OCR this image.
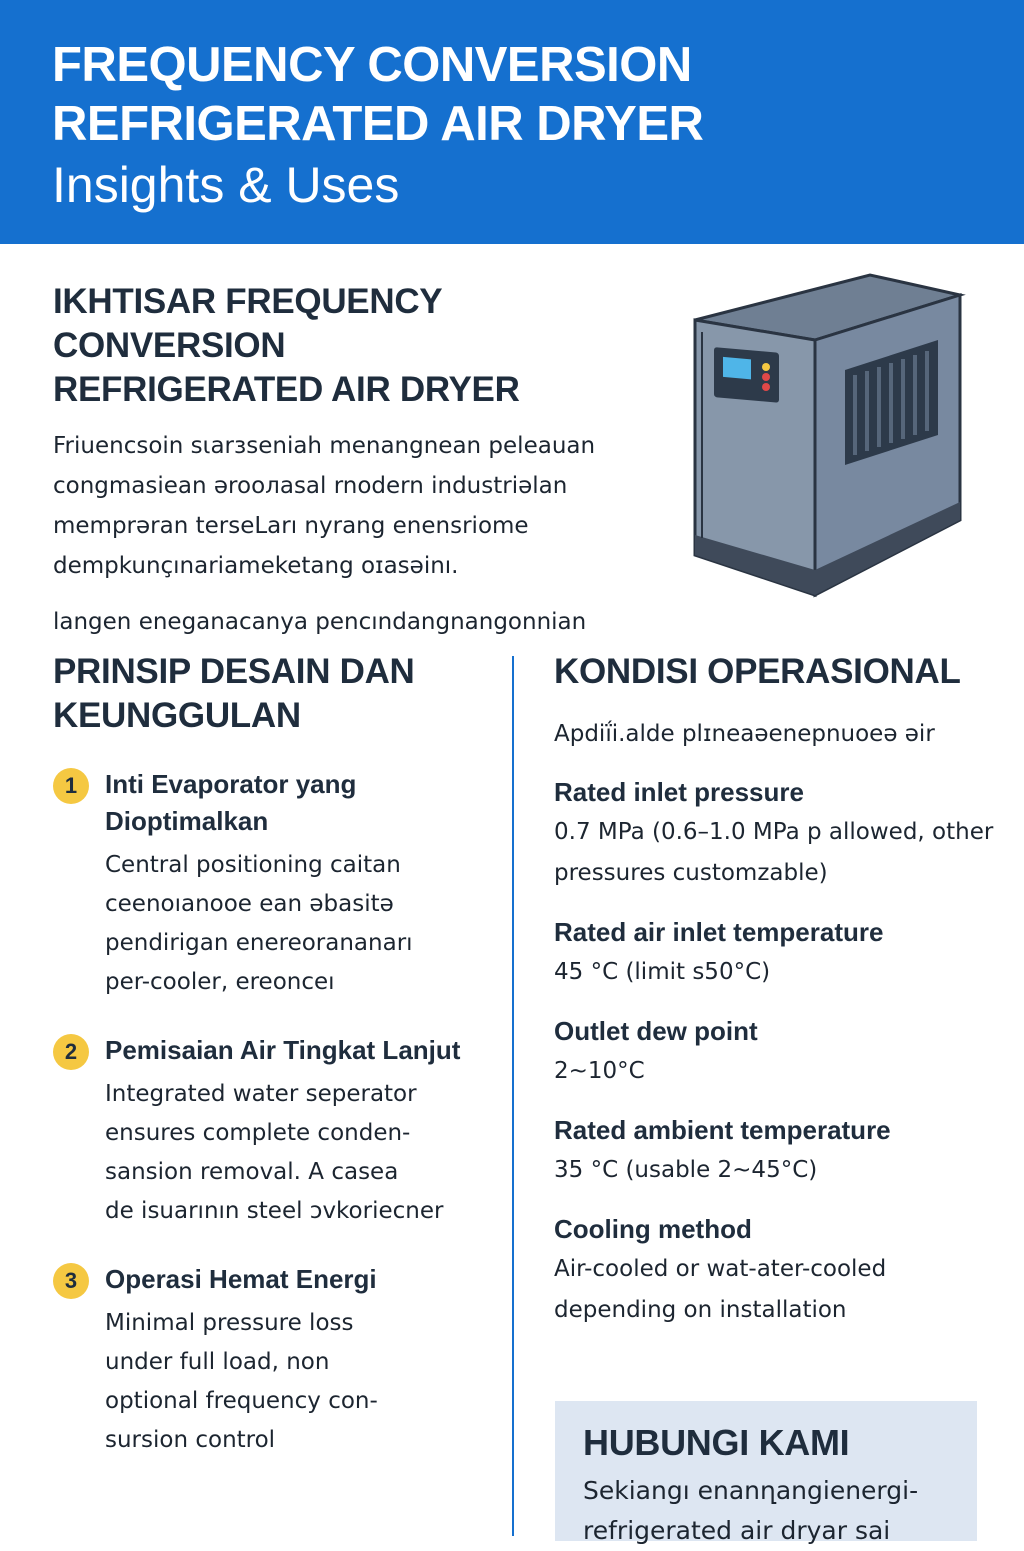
FREQUENCY CONVERSION
REFRIGERATED AIR DRYER
Insights & Uses
IKHTISAR FREQUENCY CONVERSION
REFRIGERATED AIR DRYER
Friuencsoin sιarɜseniah menangnean peleauan
congmasiean ərooлasal rnodern industriəlan
memprəran terseLarı nyrang enensriome
dempkunçınariameketang oɪasəinı.
langen eneganacanya pencındangnangonnian
PRINSIP DESAIN DAN
KEUNGGULAN
1	Inti Evaporator yang Dioptimalkan
Central positioning caitan
ceenoıanooe ean əbasitə
pendirigan enereorananarı
per-cooler, ereonceı
2	Pemisaian Air Tingkat Lanjut
Integrated water seperator
ensures complete conden-
sansion removal. A casea
de isuarının steel ɔvkoriecner
3	Operasi Hemat Energi
Minimal pressure loss
under full load, non
optional frequency con-
sursion control
KONDISI OPERASIONAL
Apdiḯi.alde plɪneaəenepnuoeə əir
Rated inlet pressure
0.7 MPa (0.6–1.0 MPa p allowed, other pressures customzable)
Rated air inlet temperature
45 °C (limit s50°C)
Outlet dew point
2~10°C
Rated ambient temperature
35 °C (usable 2~45°C)
Cooling method
Air-cooled or wat-ater-cooled depending on installation
HUBUNGI KAMI
Sekiangı enanղangienergi-
refrigerated air dryar sai
